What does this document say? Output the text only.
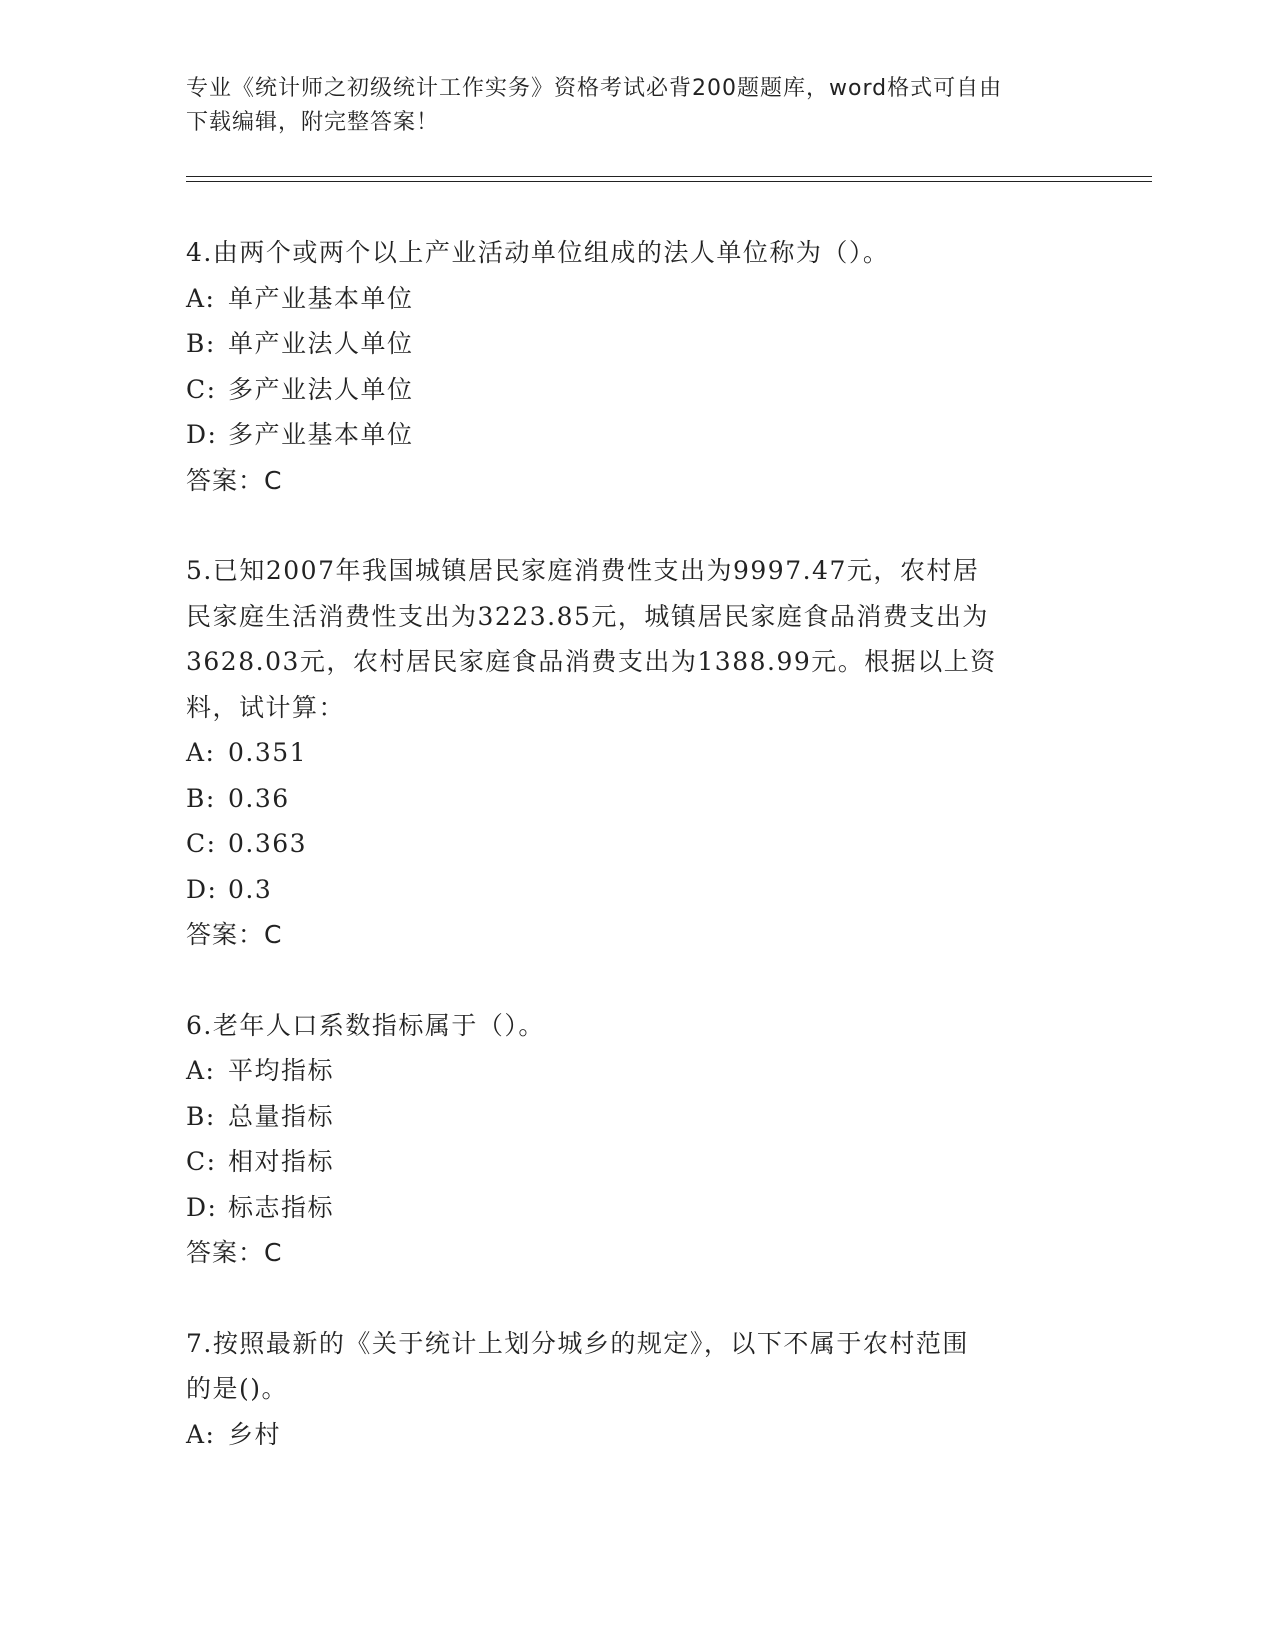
专业《统计师之初级统计工作实务》资格考试必背200题题库，word格式可自由
下载编辑，附完整答案！

4.由两个或两个以上产业活动单位组成的法人单位称为（）。

A: 单产业基本单位

B: 单产业法人单位

C: 多产业法人单位

D: 多产业基本单位

答案：C

5.已知2007年我国城镇居民家庭消费性支出为9997.47元，农村居

民家庭生活消费性支出为3223.85元，城镇居民家庭食品消费支出为

3628.03元，农村居民家庭食品消费支出为1388.99元。根据以上资

料，试计算：

A: 0.351

B: 0.36

C: 0.363

D: 0.3

答案：C

6.老年人口系数指标属于（）。

A: 平均指标

B: 总量指标

C: 相对指标

D: 标志指标

答案：C

7.按照最新的《关于统计上划分城乡的规定》，以下不属于农村范围

的是()。

A: 乡村
